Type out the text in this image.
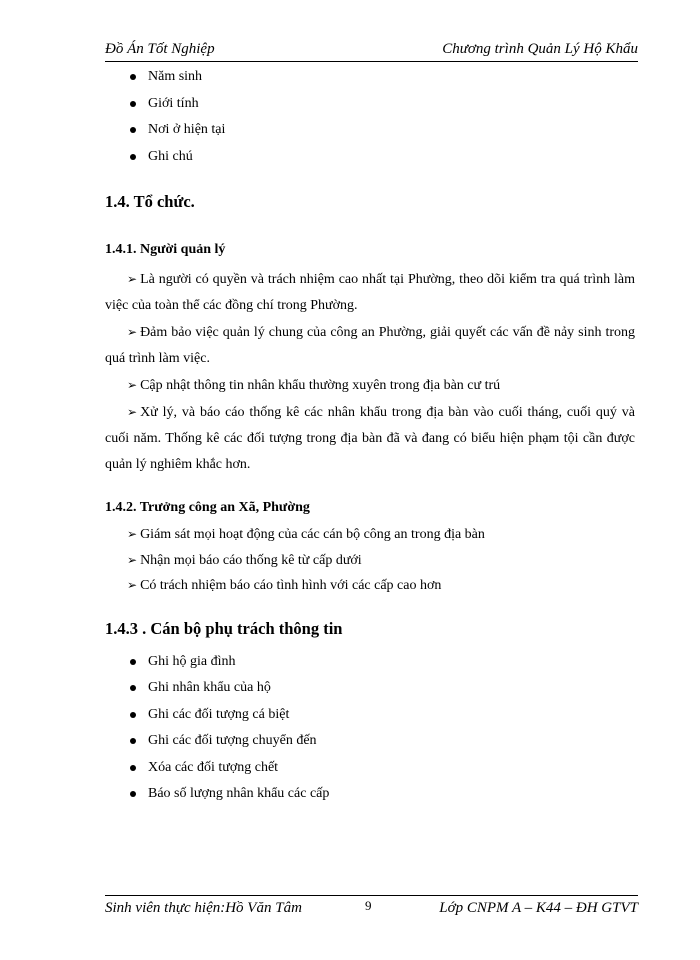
Đồ Án Tốt Nghiệp	Chương trình Quản Lý Hộ Khẩu
Năm sinh
Giới tính
Nơi ở hiện tại
Ghi chú
1.4. Tổ chức.
1.4.1. Người quản lý

➢ Là người có quyền và trách nhiệm cao nhất tại Phường, theo dõi kiểm tra quá trình làm việc của toàn thể các đồng chí trong Phường.

➢ Đảm bảo việc quản lý chung của công an Phường, giải quyết các vấn đề nảy sinh trong quá trình làm việc.

➢ Cập nhật thông tin nhân khẩu thường xuyên trong địa bàn cư trú

➢ Xử lý, và báo cáo thống kê các nhân khẩu trong địa bàn vào cuối tháng, cuối quý và cuối năm. Thống kê các đối tượng trong địa bàn đã và đang có biểu hiện phạm tội cần được quản lý nghiêm khắc hơn.

1.4.2. Trưởng công an Xã, Phường

➢ Giám sát mọi hoạt động của các cán bộ công an trong địa bàn

➢ Nhận mọi báo cáo thống kê từ cấp dưới

➢ Có trách nhiệm báo cáo tình hình với các cấp cao hơn

1.4.3 . Cán bộ phụ trách thông tin
Ghi hộ gia đình
Ghi nhân khẩu của hộ
Ghi các đối tượng cá biệt
Ghi các đối tượng chuyển đến
Xóa các đối tượng chết
Báo số lượng nhân khẩu các cấp
Sinh viên thực hiện:Hồ Văn Tâm	9	Lớp CNPM A – K44 – ĐH GTVT
